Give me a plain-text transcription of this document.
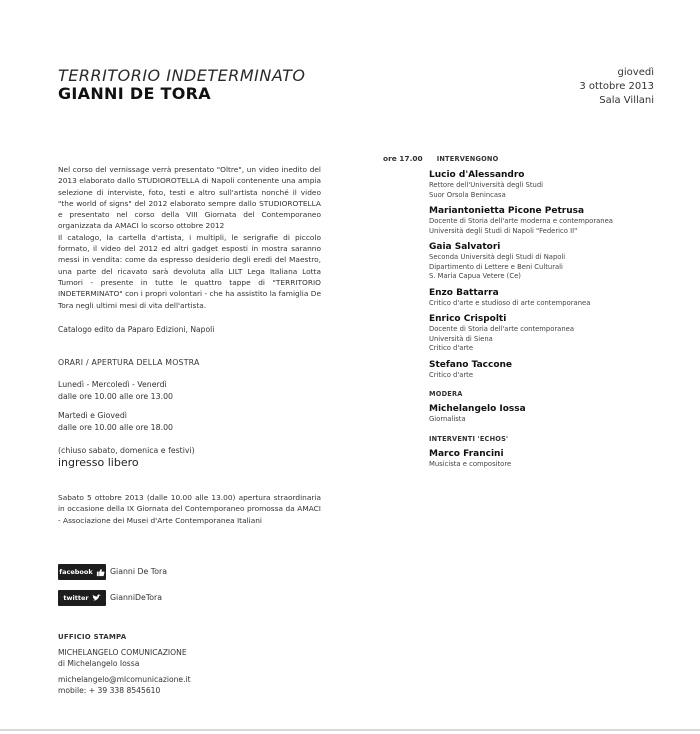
TERRITORIO INDETERMINATO
GIANNI DE TORA
giovedì
3 ottobre 2013
Sala Villani

Nel corso del vernissage verrà presentato "Oltre", un video inedito del 2013 elaborato dallo STUDIOROTELLA di Napoli contenente una ampia selezione di interviste, foto, testi e altro sull'artista nonché il video "the world of signs" del 2012 elaborato sempre dallo STUDIOROTELLA e presentato nel corso della VIII Giornata del Contemporaneo organizzata da AMACI lo scorso ottobre 2012

Il catalogo, la cartella d'artista, i multipli, le serigrafie di piccolo formato, il video del 2012 ed altri gadget esposti in mostra saranno messi in vendita: come da espresso desiderio degli eredi del Maestro, una parte del ricavato sarà devoluta alla LILT Lega Italiana Lotta Tumori - presente in tutte le quattro tappe di "TERRITORIO INDETERMINATO" con i propri volontari - che ha assistito la famiglia De Tora negli ultimi mesi di vita dell'artista.

Catalogo edito da Paparo Edizioni, Napoli
ORARI / APERTURA DELLA MOSTRA
Lunedì - Mercoledì - Venerdì
dalle ore 10.00 alle ore 13.00
Martedì e Giovedì
dalle ore 10.00 alle ore 18.00
(chiuso sabato, domenica e festivi)
ingresso libero
Sabato 5 ottobre 2013 (dalle 10.00 alle 13.00) apertura straordinaria in occasione della IX Giornata del Contemporaneo promossa da AMACI - Associazione dei Musei d'Arte Contemporanea Italiani
facebook Gianni De Tora
twitter	GianniDeTora
UFFICIO STAMPA
MICHELANGELO COMUNICAZIONE
di Michelangelo Iossa
michelangelo@mlcomunicazione.it
mobile: + 39 338 8545610
ore 17.00 INTERVENGONO
Lucio d'Alessandro
Rettore dell'Università degli Studi
Suor Orsola Benincasa
Mariantonietta Picone Petrusa
Docente di Storia dell'arte moderna e contemporanea
Università degli Studi di Napoli "Federico II"
Gaia Salvatori
Seconda Università degli Studi di Napoli
Dipartimento di Lettere e Beni Culturali
S. Maria Capua Vetere (Ce)
Enzo Battarra
Critico d'arte e studioso di arte contemporanea
Enrico Crispolti
Docente di Storia dell'arte contemporanea
Università di Siena
Critico d'arte
Stefano Taccone
Critico d'arte
MODERA
Michelangelo Iossa
Giornalista
INTERVENTI 'ECHOS'
Marco Francini
Musicista e compositore
